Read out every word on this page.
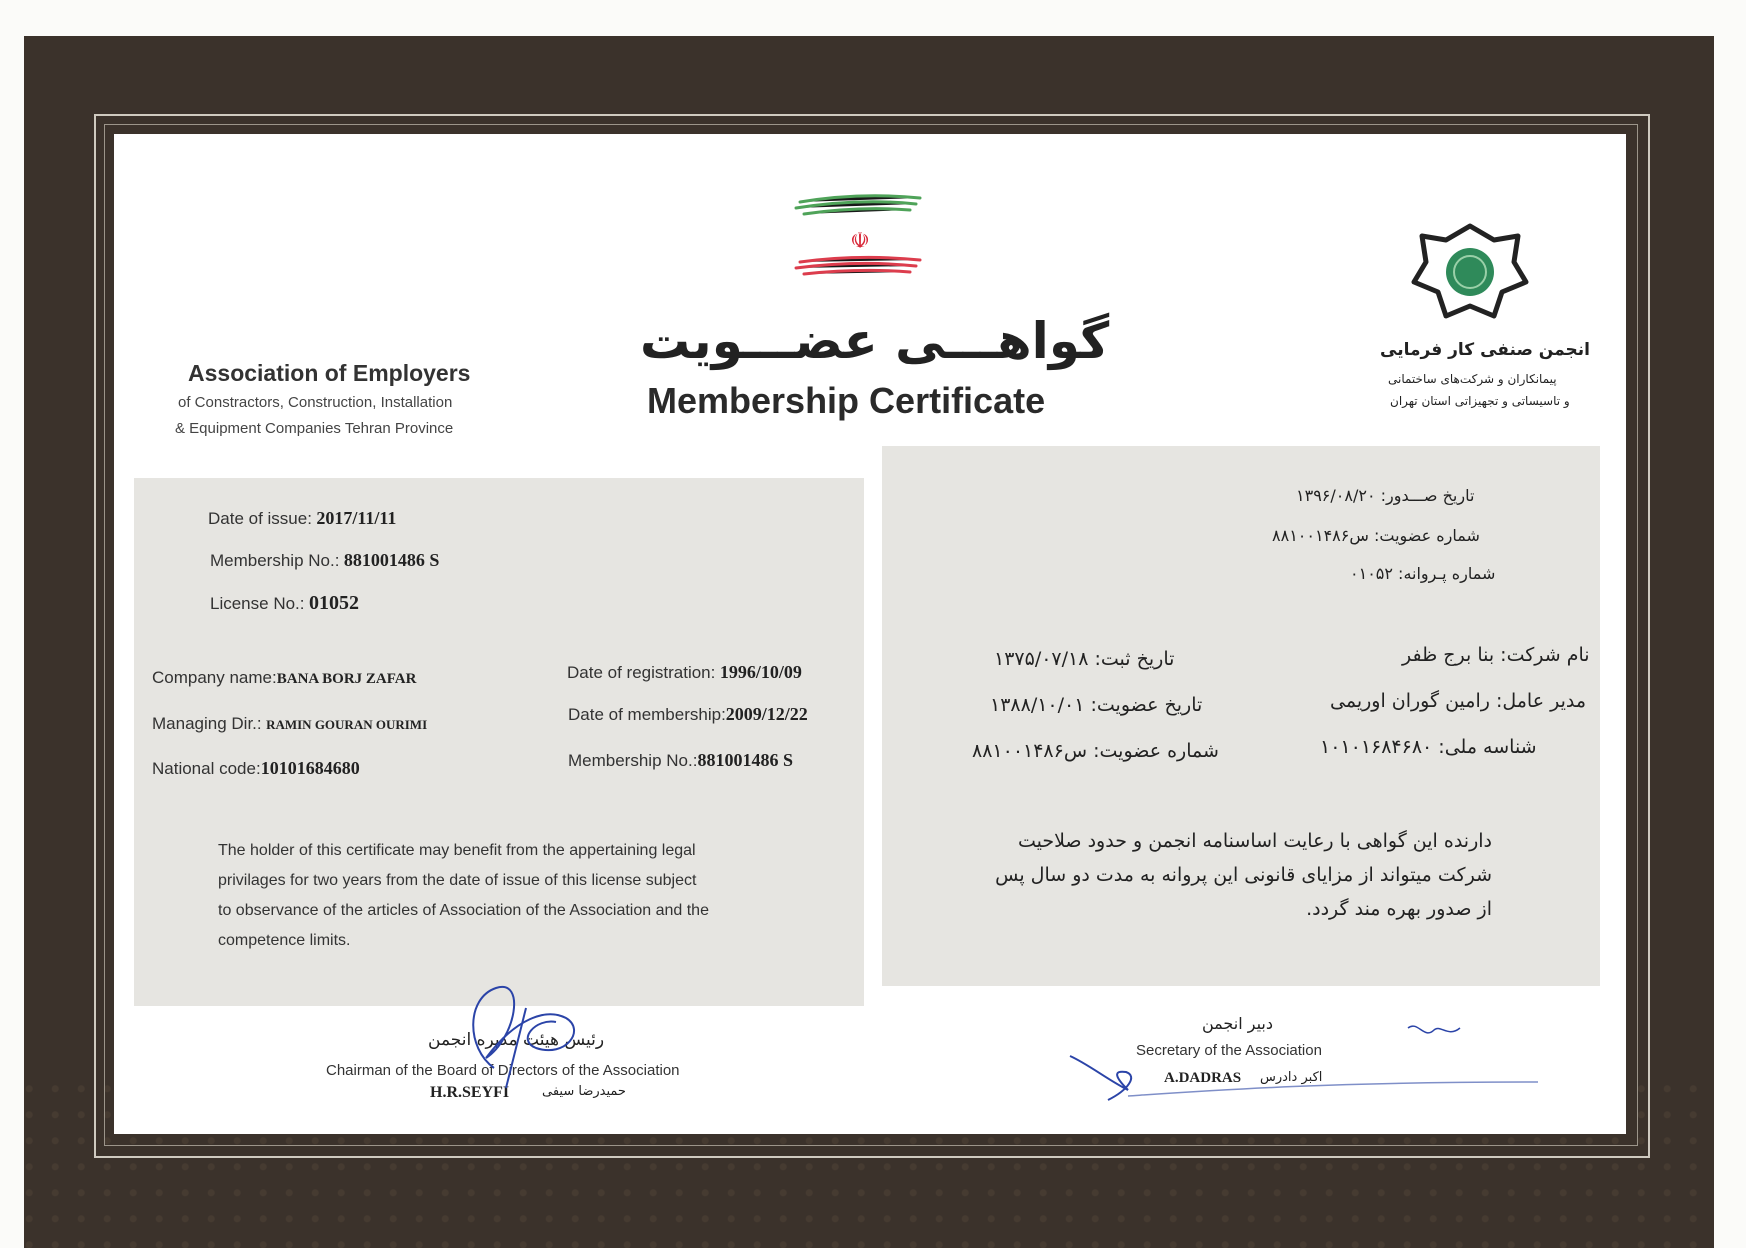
☫
گواهـــی عضـــویت
Membership Certificate
Association of Employers
of Constractors, Construction, Installation
& Equipment Companies Tehran Province
انجمن صنفی کار فرمایی
پیمانکاران و شرکت‌های ساختمانی
و تاسیساتی و تجهیزاتی استان تهران
Date of issue: 2017/11/11
Membership No.: 881001486 S
License No.: 01052
Company name:BANA BORJ ZAFAR
Managing Dir.: RAMIN GOURAN OURIMI
National code:10101684680
Date of registration: 1996/10/09
Date of membership:2009/12/22
Membership No.:881001486 S
The holder of this certificate may benefit from the appertaining legal
privilages for two years from the date of issue of this license subject
to observance of the articles of Association of the Association and the
competence limits.
تاریخ صـــدور: ۱۳۹۶/۰۸/۲۰
شماره عضویت: س۸۸۱۰۰۱۴۸۶
شماره پـروانه: ۰۱۰۵۲
نام شرکت: بنا برج ظفر
مدیر عامل: رامین گوران اوریمی
شناسه ملی: ۱۰۱۰۱۶۸۴۶۸۰
تاریخ ثبت: ۱۳۷۵/۰۷/۱۸
تاریخ عضویت: ۱۳۸۸/۱۰/۰۱
شماره عضویت: س۸۸۱۰۰۱۴۸۶
دارنده این گواهی با رعایت اساسنامه انجمن و حدود صلاحیت
شرکت میتواند از مزایای قانونی این پروانه به مدت دو سال پس
از صدور بهره مند گردد.
رئیس هیئت مدیره انجمن
Chairman of the Board of Directors of the Association
H.R.SEYFI	حمیدرضا سیفی
دبیر انجمن
Secretary of the Association
A.DADRAS اکبر دادرس
